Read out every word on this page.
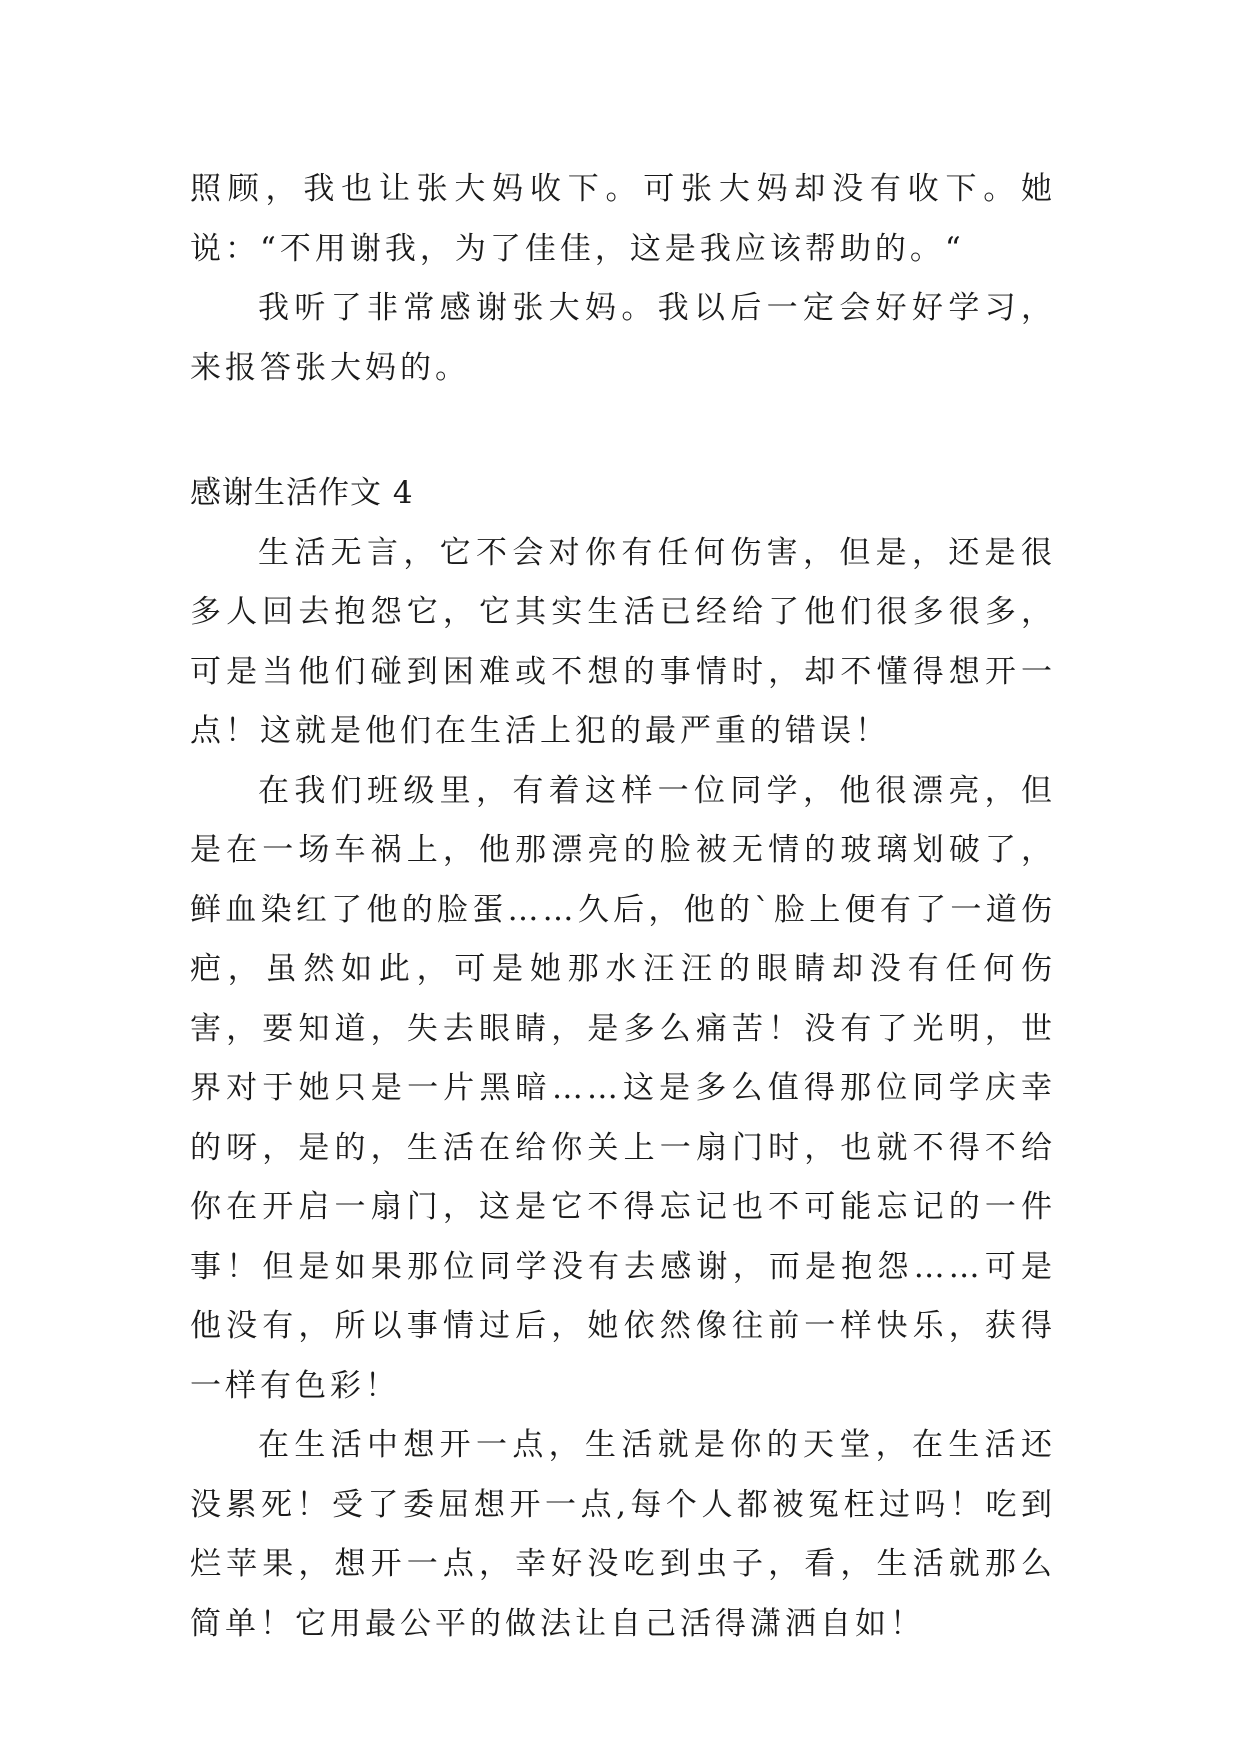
照顾，我也让张大妈收下。可张大妈却没有收下。她说：“不用谢我，为了佳佳，这是我应该帮助的。“

我听了非常感谢张大妈。我以后一定会好好学习，来报答张大妈的。

感谢生活作文 4

生活无言，它不会对你有任何伤害，但是，还是很多人回去抱怨它，它其实生活已经给了他们很多很多，可是当他们碰到困难或不想的事情时，却不懂得想开一点！这就是他们在生活上犯的最严重的错误！

在我们班级里，有着这样一位同学，他很漂亮，但是在一场车祸上，他那漂亮的脸被无情的玻璃划破了， 鲜血染红了他的脸蛋……久后，他的`脸上便有了一道伤疤，虽然如此，可是她那水汪汪的眼睛却没有任何伤害，要知道，失去眼睛，是多么痛苦！没有了光明，世界对于她只是一片黑暗……这是多么值得那位同学庆幸的呀，是的，生活在给你关上一扇门时，也就不得不给你在开启一扇门，这是它不得忘记也不可能忘记的一件事！但是如果那位同学没有去感谢，而是抱怨……可是他没有，所以事情过后，她依然像往前一样快乐，获得一样有色彩！

在生活中想开一点，生活就是你的天堂，在生活还没累死！受了委屈想开一点,每个人都被冤枉过吗！吃到烂苹果，想开一点，幸好没吃到虫子，看，生活就那么简单！它用最公平的做法让自己活得潇洒自如！
